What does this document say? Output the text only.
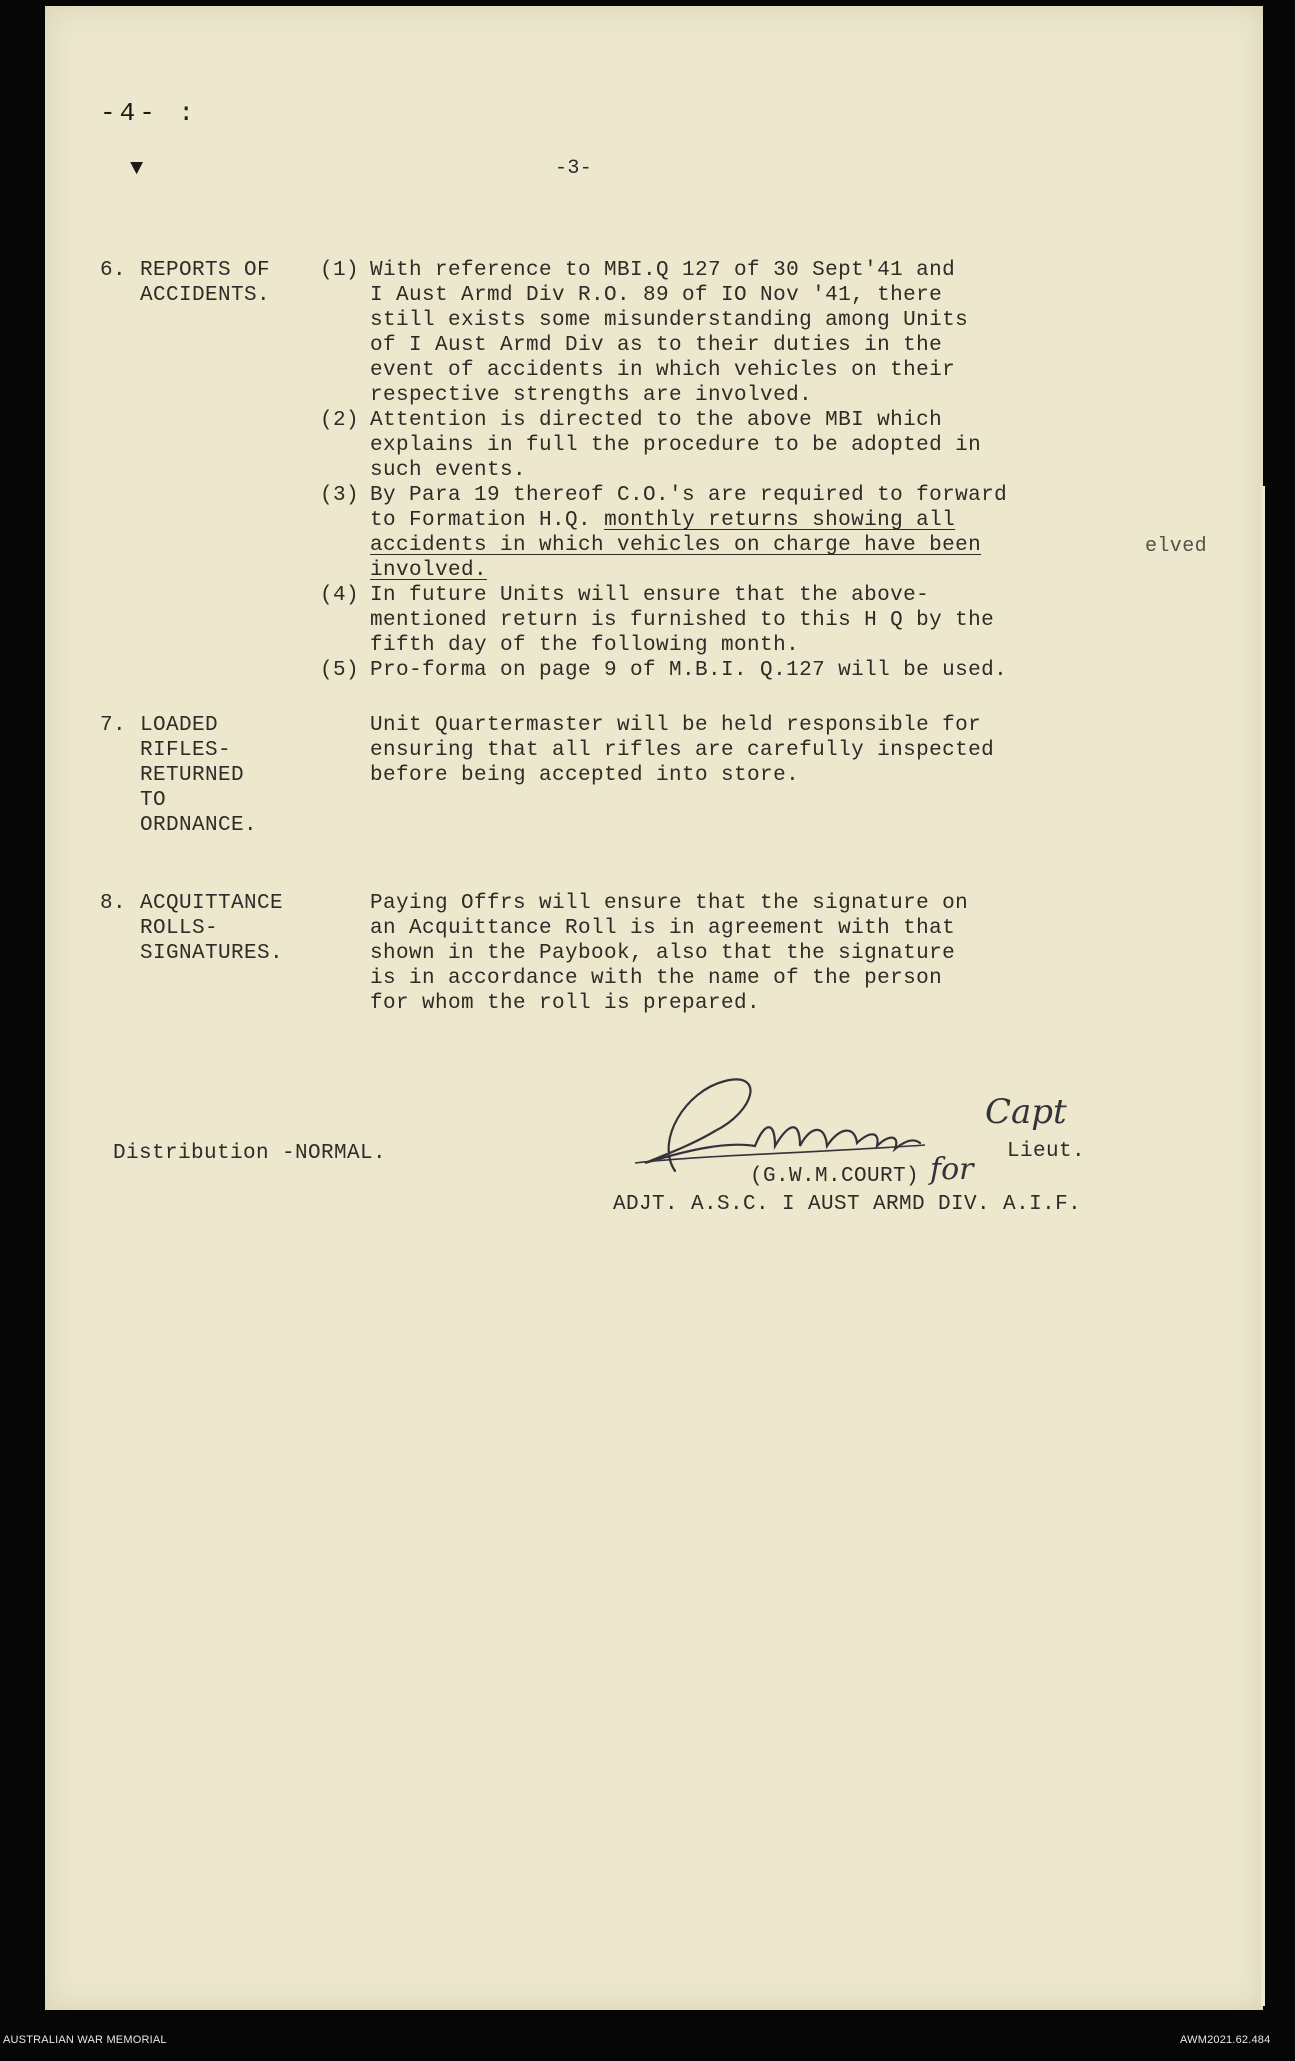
-4- :
▼	-3-
6. REPORTS OF
ACCIDENTS.
(1) With reference to MBI.Q 127 of 30 Sept'41 and
I Aust Armd Div R.O. 89 of IO Nov '41, there
still exists some misunderstanding among Units
of I Aust Armd Div as to their duties in the
event of accidents in which vehicles on their
respective strengths are involved.
(2) Attention is directed to the above MBI which
explains in full the procedure to be adopted in
such events.
(3) By Para 19 thereof C.O.'s are required to forward
to Formation H.Q.
monthly returns showing all
accidents in which vehicles on charge have been
involved.
(4) In future Units will ensure that the above-
mentioned return is furnished to this H Q by the
fifth day of the following month.
(5) Pro-forma on page 9 of M.B.I. Q.127 will be used.
elved
7. LOADED
RIFLES-
RETURNED
TO
ORDNANCE.
Unit Quartermaster will be held responsible for
ensuring that all rifles are carefully inspected
before being accepted into store.
8. ACQUITTANCE
ROLLS-
SIGNATURES.
Paying Offrs will ensure that the signature on
an Acquittance Roll is in agreement with that
shown in the Paybook, also that the signature
is in accordance with the name of the person
for whom the roll is prepared.
Distribution -NORMAL.
Capt
for
Lieut.
(G.W.M.COURT)
ADJT. A.S.C. I AUST ARMD DIV. A.I.F.
AUSTRALIAN WAR MEMORIAL	AWM2021.62.484
